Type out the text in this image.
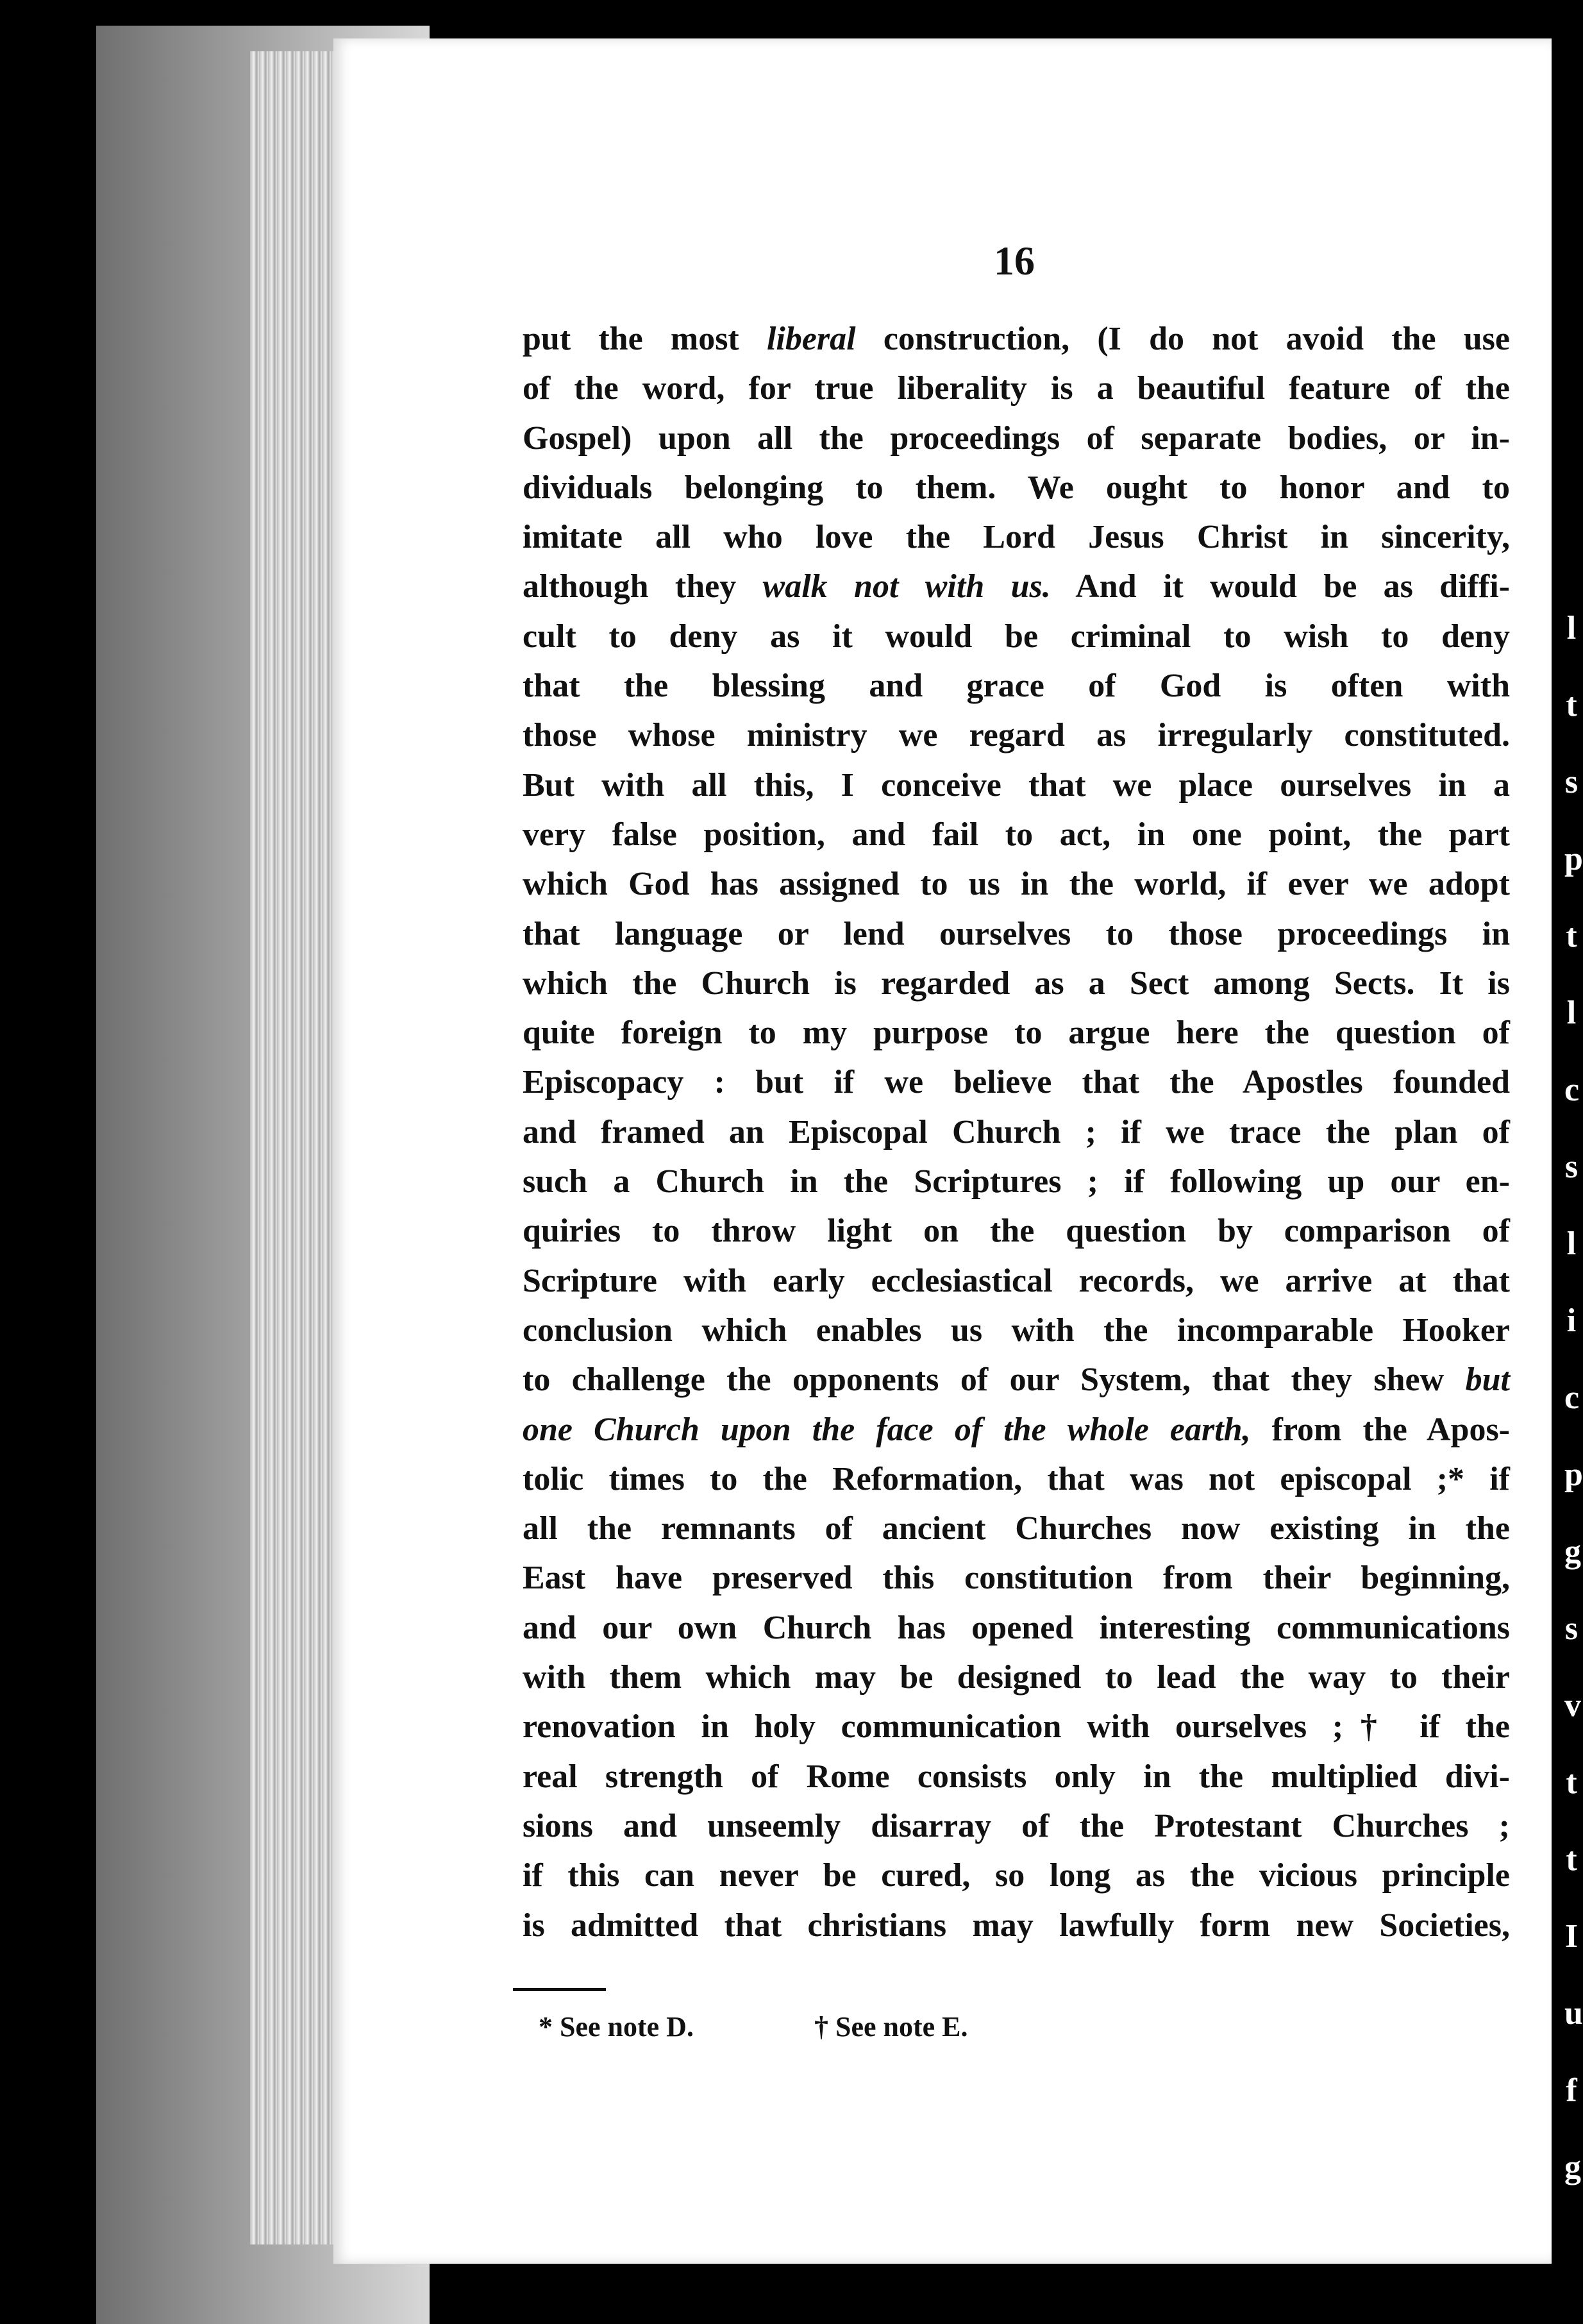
16
put the most liberal construction, (I do not avoid the use
of the word, for true liberality is a beautiful feature of the
Gospel) upon all the proceedings of separate bodies, or in-
dividuals belonging to them. We ought to honor and to
imitate all who love the Lord Jesus Christ in sincerity,
although they walk not with us. And it would be as diffi-
cult to deny as it would be criminal to wish to deny
that the blessing and grace of God is often with
those whose ministry we regard as irregularly constituted.
But with all this, I conceive that we place ourselves in a
very false position, and fail to act, in one point, the part
which God has assigned to us in the world, if ever we adopt
that language or lend ourselves to those proceedings in
which the Church is regarded as a Sect among Sects. It is
quite foreign to my purpose to argue here the question of
Episcopacy : but if we believe that the Apostles founded
and framed an Episcopal Church ; if we trace the plan of
such a Church in the Scriptures ; if following up our en-
quiries to throw light on the question by comparison of
Scripture with early ecclesiastical records, we arrive at that
conclusion which enables us with the incomparable Hooker
to challenge the opponents of our System, that they shew but
one Church upon the face of the whole earth, from the Apos-
tolic times to the Reformation, that was not episcopal ;* if
all the remnants of ancient Churches now existing in the
East have preserved this constitution from their beginning,
and our own Church has opened interesting communications
with them which may be designed to lead the way to their
renovation in holy communication with ourselves ;† if the
real strength of Rome consists only in the multiplied divi-
sions and unseemly disarray of the Protestant Churches ;
if this can never be cured, so long as the vicious principle
is admitted that christians may lawfully form new Societies,
* See note D.	† See note E.
l
t
s
p
t
l
c
s
l
i
c
p
g
s
v
t
t
I
u
f
g
